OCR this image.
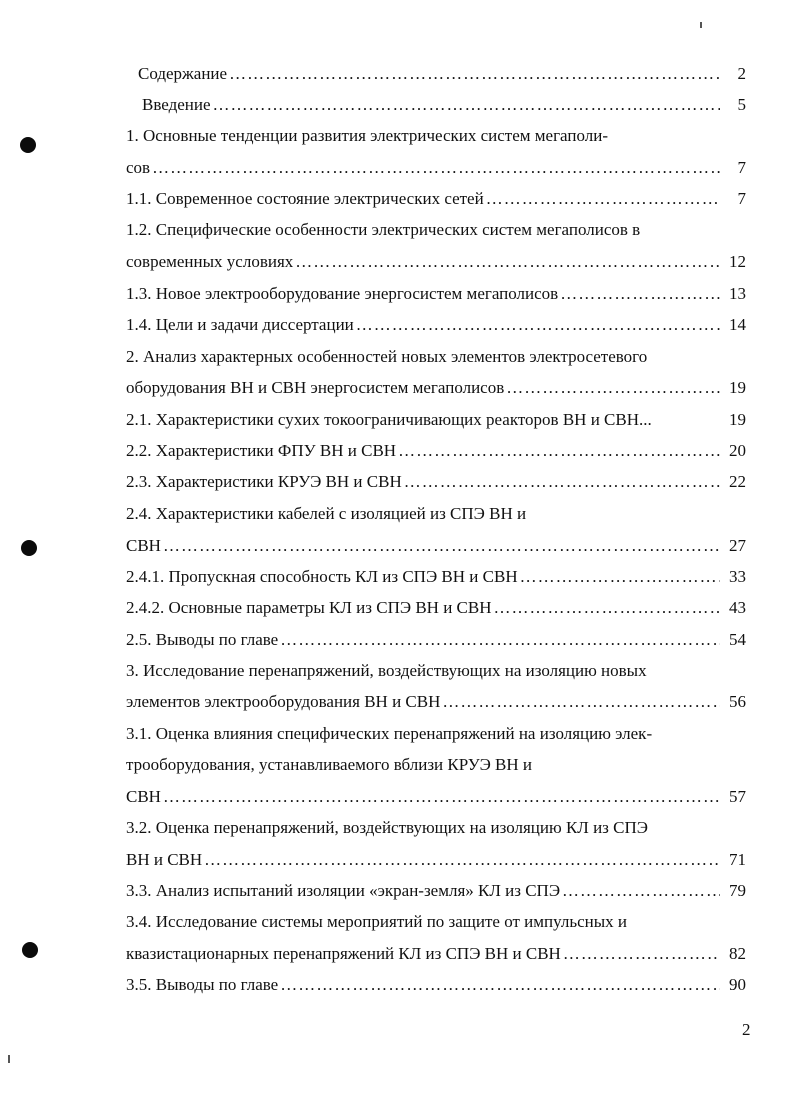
Содержание ……………………………………………………………………………………………………………………………………………………………………………	2
Введение ……………………………………………………………………………………………………………………………………………………………………………	5
1. Основные тенденции развития электрических систем мегаполи-
сов ……………………………………………………………………………………………………………………………………………………………………………	7
1.1. Современное состояние электрических сетей ……………………………………………………………………………………………………………………………………………………………………………	7
1.2. Специфические особенности электрических систем мегаполисов в
современных условиях ……………………………………………………………………………………………………………………………………………………………………………	12
1.3. Новое электрооборудование энергосистем мегаполисов ……………………………………………………………………………………………………………………………………………………………………………	13
1.4. Цели и задачи диссертации ……………………………………………………………………………………………………………………………………………………………………………	14
2. Анализ характерных особенностей новых элементов электросетевого
оборудования ВН и СВН энергосистем мегаполисов ……………………………………………………………………………………………………………………………………………………………………………	19
2.1. Характеристики сухих токоограничивающих реакторов ВН и СВН...	19
2.2. Характеристики ФПУ ВН и СВН ……………………………………………………………………………………………………………………………………………………………………………	20
2.3. Характеристики КРУЭ ВН и СВН ……………………………………………………………………………………………………………………………………………………………………………	22
2.4. Характеристики кабелей с изоляцией из СПЭ ВН и
СВН ……………………………………………………………………………………………………………………………………………………………………………	27
2.4.1. Пропускная способность КЛ из СПЭ ВН и СВН ……………………………………………………………………………………………………………………………………………………………………………	33
2.4.2. Основные параметры КЛ из СПЭ ВН и СВН ……………………………………………………………………………………………………………………………………………………………………………	43
2.5. Выводы по главе ……………………………………………………………………………………………………………………………………………………………………………	54
3. Исследование перенапряжений, воздействующих на изоляцию новых
элементов электрооборудования ВН и СВН ……………………………………………………………………………………………………………………………………………………………………………	56
3.1. Оценка влияния специфических перенапряжений на изоляцию элек-
трооборудования, устанавливаемого вблизи КРУЭ ВН и
СВН ……………………………………………………………………………………………………………………………………………………………………………	57
3.2. Оценка перенапряжений, воздействующих на изоляцию КЛ из СПЭ
ВН и СВН ……………………………………………………………………………………………………………………………………………………………………………	71
3.3. Анализ испытаний изоляции «экран-земля» КЛ из СПЭ ……………………………………………………………………………………………………………………………………………………………………………	79
3.4. Исследование системы мероприятий по защите от импульсных и
квазистационарных перенапряжений КЛ из СПЭ ВН и СВН ……………………………………………………………………………………………………………………………………………………………………………	82
3.5. Выводы по главе ……………………………………………………………………………………………………………………………………………………………………………	90
2
